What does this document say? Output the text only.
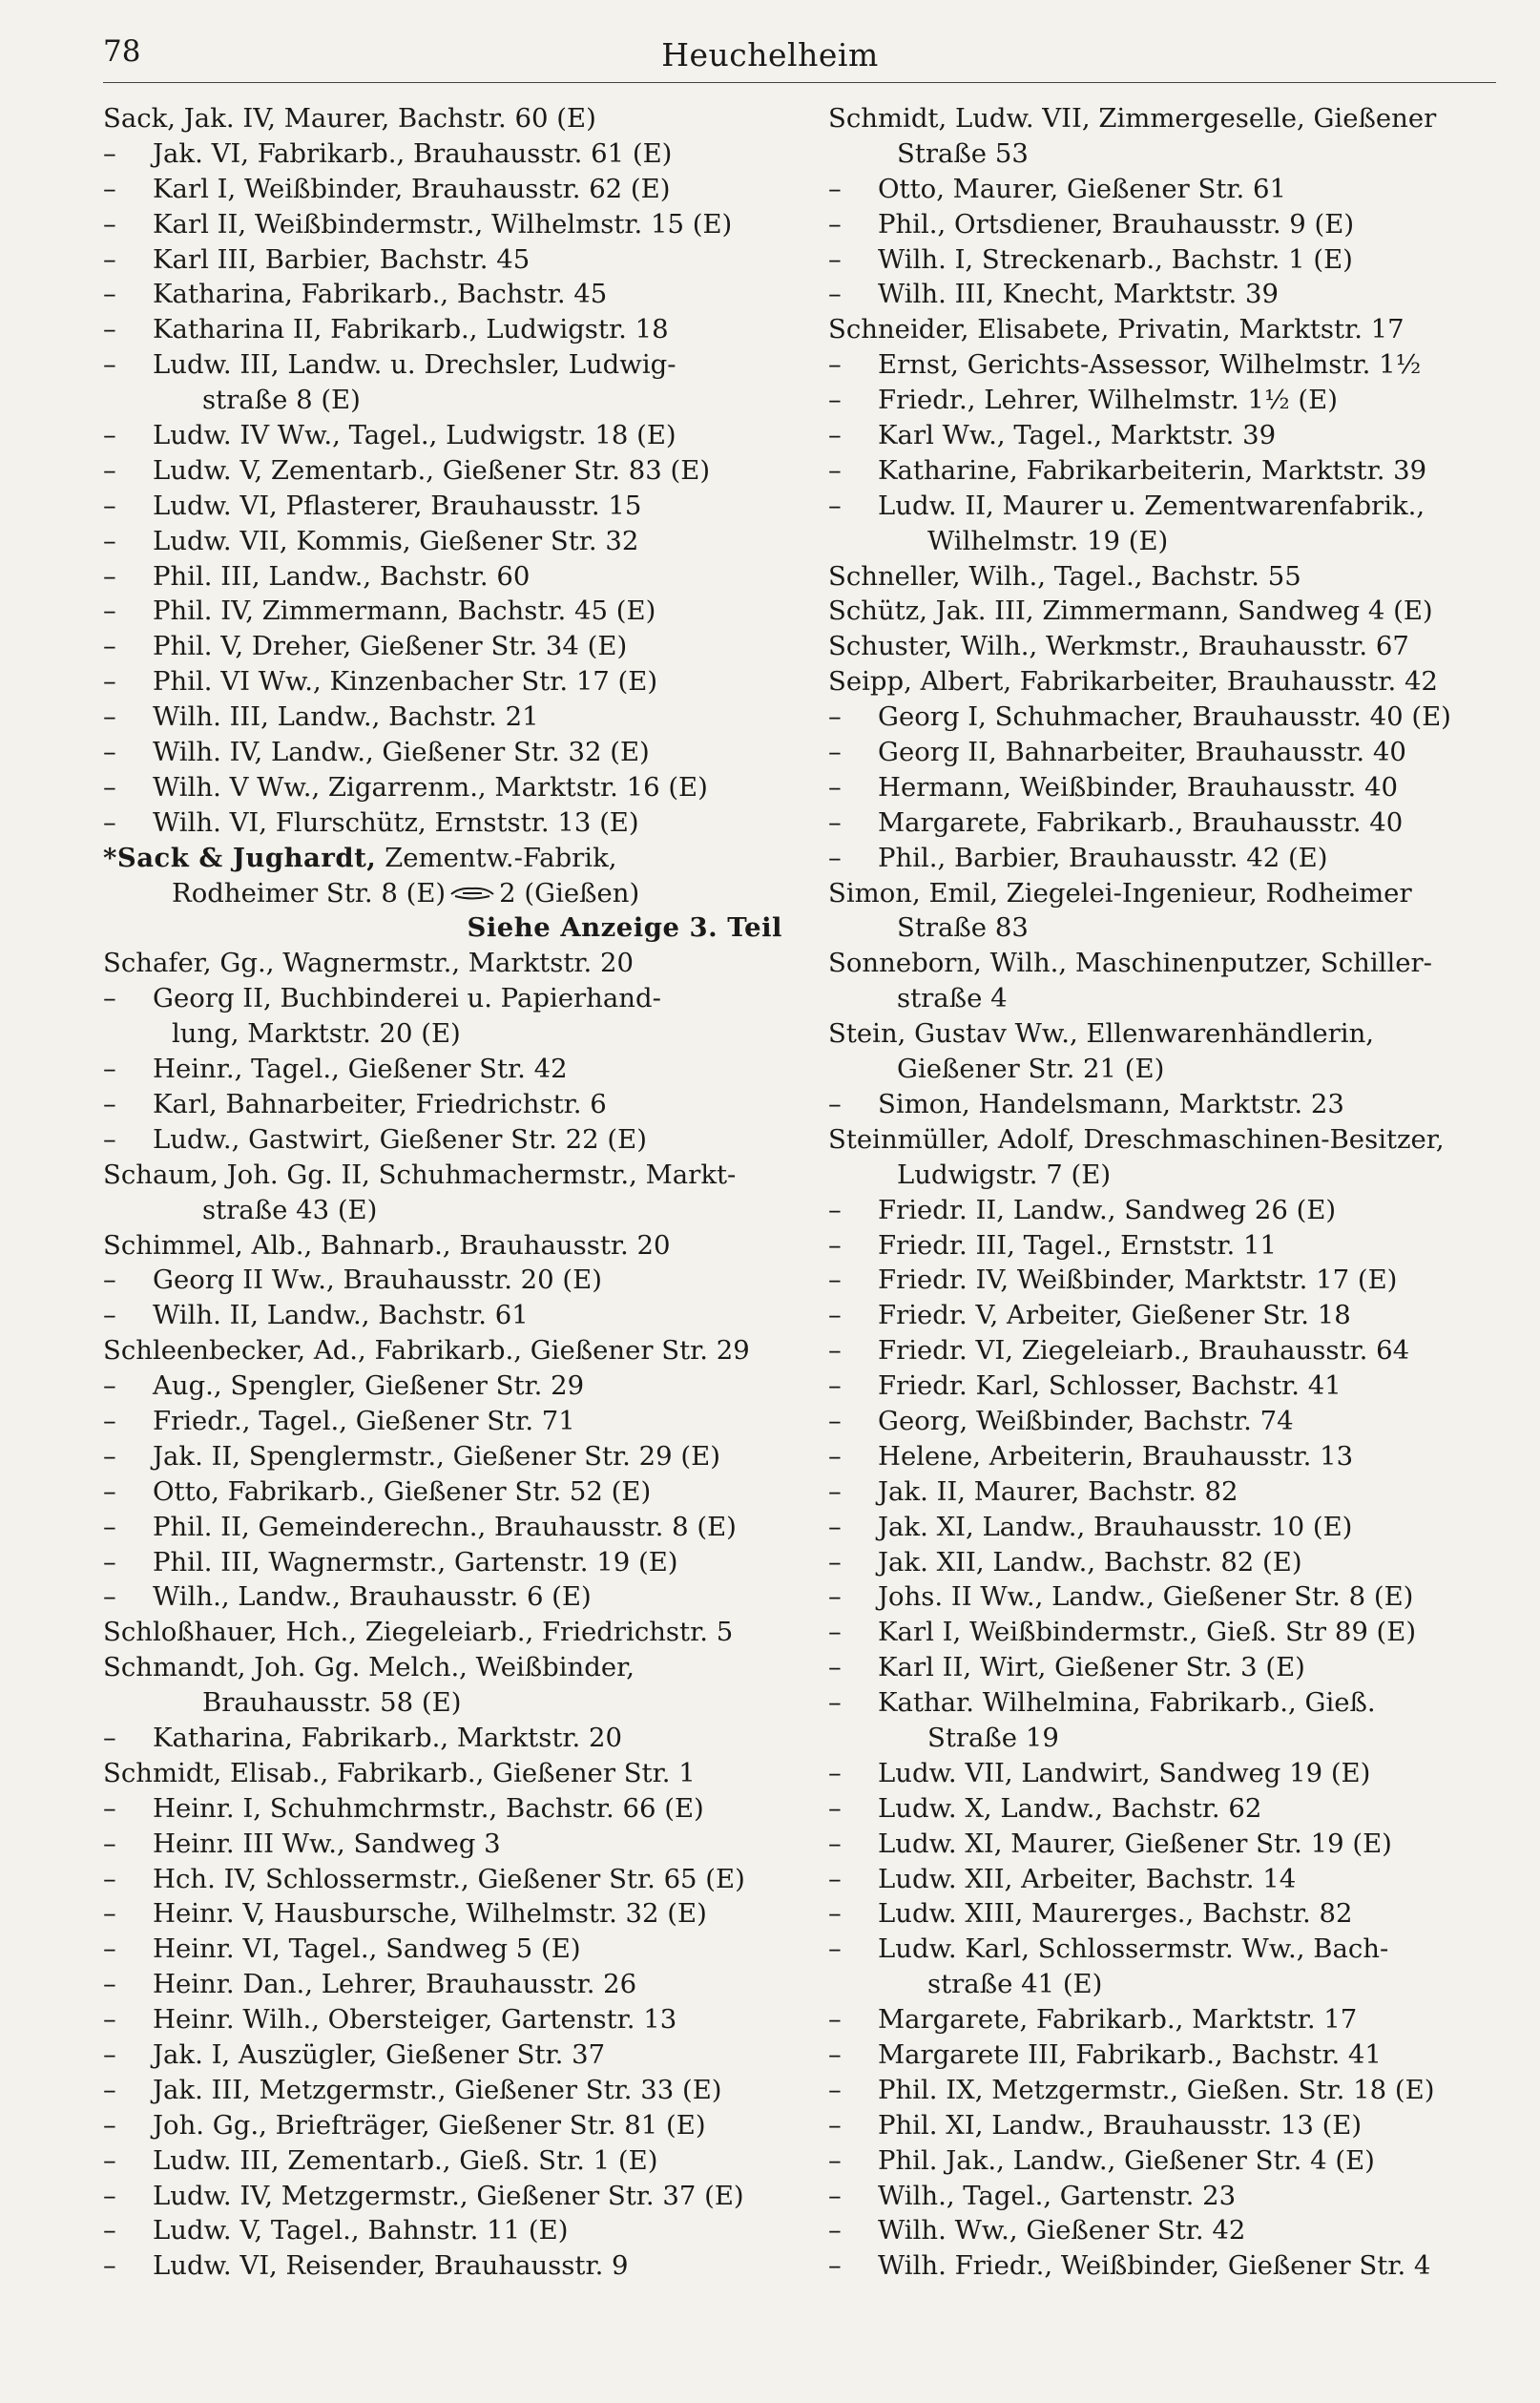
78	Heuchelheim
Sack, Jak. IV, Maurer, Bachstr. 60 (E)
– Jak. VI, Fabrikarb., Brauhausstr. 61 (E)
– Karl I, Weißbinder, Brauhausstr. 62 (E)
– Karl II, Weißbindermstr., Wilhelmstr. 15 (E)
– Karl III, Barbier, Bachstr. 45
– Katharina, Fabrikarb., Bachstr. 45
– Katharina II, Fabrikarb., Ludwigstr. 18
– Ludw. III, Landw. u. Drechsler, Ludwig-
straße 8 (E)
– Ludw. IV Ww., Tagel., Ludwigstr. 18 (E)
– Ludw. V, Zementarb., Gießener Str. 83 (E)
– Ludw. VI, Pflasterer, Brauhausstr. 15
– Ludw. VII, Kommis, Gießener Str. 32
– Phil. III, Landw., Bachstr. 60
– Phil. IV, Zimmermann, Bachstr. 45 (E)
– Phil. V, Dreher, Gießener Str. 34 (E)
– Phil. VI Ww., Kinzenbacher Str. 17 (E)
– Wilh. III, Landw., Bachstr. 21
– Wilh. IV, Landw., Gießener Str. 32 (E)
– Wilh. V Ww., Zigarrenm., Marktstr. 16 (E)
– Wilh. VI, Flurschütz, Ernststr. 13 (E)
*Sack & Jughardt, Zementw.-Fabrik,
Rodheimer Str. 8 (E) 2 (Gießen)
Siehe Anzeige 3. Teil
Schafer, Gg., Wagnermstr., Marktstr. 20
– Georg II, Buchbinderei u. Papierhand-
lung, Marktstr. 20 (E)
– Heinr., Tagel., Gießener Str. 42
– Karl, Bahnarbeiter, Friedrichstr. 6
– Ludw., Gastwirt, Gießener Str. 22 (E)
Schaum, Joh. Gg. II, Schuhmachermstr., Markt-
straße 43 (E)
Schimmel, Alb., Bahnarb., Brauhausstr. 20
– Georg II Ww., Brauhausstr. 20 (E)
– Wilh. II, Landw., Bachstr. 61
Schleenbecker, Ad., Fabrikarb., Gießener Str. 29
– Aug., Spengler, Gießener Str. 29
– Friedr., Tagel., Gießener Str. 71
– Jak. II, Spenglermstr., Gießener Str. 29 (E)
– Otto, Fabrikarb., Gießener Str. 52 (E)
– Phil. II, Gemeinderechn., Brauhausstr. 8 (E)
– Phil. III, Wagnermstr., Gartenstr. 19 (E)
– Wilh., Landw., Brauhausstr. 6 (E)
Schloßhauer, Hch., Ziegeleiarb., Friedrichstr. 5
Schmandt, Joh. Gg. Melch., Weißbinder,
Brauhausstr. 58 (E)
– Katharina, Fabrikarb., Marktstr. 20
Schmidt, Elisab., Fabrikarb., Gießener Str. 1
– Heinr. I, Schuhmchrmstr., Bachstr. 66 (E)
– Heinr. III Ww., Sandweg 3
– Hch. IV, Schlossermstr., Gießener Str. 65 (E)
– Heinr. V, Hausbursche, Wilhelmstr. 32 (E)
– Heinr. VI, Tagel., Sandweg 5 (E)
– Heinr. Dan., Lehrer, Brauhausstr. 26
– Heinr. Wilh., Obersteiger, Gartenstr. 13
– Jak. I, Auszügler, Gießener Str. 37
– Jak. III, Metzgermstr., Gießener Str. 33 (E)
– Joh. Gg., Briefträger, Gießener Str. 81 (E)
– Ludw. III, Zementarb., Gieß. Str. 1 (E)
– Ludw. IV, Metzgermstr., Gießener Str. 37 (E)
– Ludw. V, Tagel., Bahnstr. 11 (E)
– Ludw. VI, Reisender, Brauhausstr. 9
Schmidt, Ludw. VII, Zimmergeselle, Gießener
Straße 53
– Otto, Maurer, Gießener Str. 61
– Phil., Ortsdiener, Brauhausstr. 9 (E)
– Wilh. I, Streckenarb., Bachstr. 1 (E)
– Wilh. III, Knecht, Marktstr. 39
Schneider, Elisabete, Privatin, Marktstr. 17
– Ernst, Gerichts-Assessor, Wilhelmstr. 1½
– Friedr., Lehrer, Wilhelmstr. 1½ (E)
– Karl Ww., Tagel., Marktstr. 39
– Katharine, Fabrikarbeiterin, Marktstr. 39
– Ludw. II, Maurer u. Zementwarenfabrik.,
Wilhelmstr. 19 (E)
Schneller, Wilh., Tagel., Bachstr. 55
Schütz, Jak. III, Zimmermann, Sandweg 4 (E)
Schuster, Wilh., Werkmstr., Brauhausstr. 67
Seipp, Albert, Fabrikarbeiter, Brauhausstr. 42
– Georg I, Schuhmacher, Brauhausstr. 40 (E)
– Georg II, Bahnarbeiter, Brauhausstr. 40
– Hermann, Weißbinder, Brauhausstr. 40
– Margarete, Fabrikarb., Brauhausstr. 40
– Phil., Barbier, Brauhausstr. 42 (E)
Simon, Emil, Ziegelei-Ingenieur, Rodheimer
Straße 83
Sonneborn, Wilh., Maschinenputzer, Schiller-
straße 4
Stein, Gustav Ww., Ellenwarenhändlerin,
Gießener Str. 21 (E)
– Simon, Handelsmann, Marktstr. 23
Steinmüller, Adolf, Dreschmaschinen-Besitzer,
Ludwigstr. 7 (E)
– Friedr. II, Landw., Sandweg 26 (E)
– Friedr. III, Tagel., Ernststr. 11
– Friedr. IV, Weißbinder, Marktstr. 17 (E)
– Friedr. V, Arbeiter, Gießener Str. 18
– Friedr. VI, Ziegeleiarb., Brauhausstr. 64
– Friedr. Karl, Schlosser, Bachstr. 41
– Georg, Weißbinder, Bachstr. 74
– Helene, Arbeiterin, Brauhausstr. 13
– Jak. II, Maurer, Bachstr. 82
– Jak. XI, Landw., Brauhausstr. 10 (E)
– Jak. XII, Landw., Bachstr. 82 (E)
– Johs. II Ww., Landw., Gießener Str. 8 (E)
– Karl I, Weißbindermstr., Gieß. Str 89 (E)
– Karl II, Wirt, Gießener Str. 3 (E)
– Kathar. Wilhelmina, Fabrikarb., Gieß.
Straße 19
– Ludw. VII, Landwirt, Sandweg 19 (E)
– Ludw. X, Landw., Bachstr. 62
– Ludw. XI, Maurer, Gießener Str. 19 (E)
– Ludw. XII, Arbeiter, Bachstr. 14
– Ludw. XIII, Maurerges., Bachstr. 82
– Ludw. Karl, Schlossermstr. Ww., Bach-
straße 41 (E)
– Margarete, Fabrikarb., Marktstr. 17
– Margarete III, Fabrikarb., Bachstr. 41
– Phil. IX, Metzgermstr., Gießen. Str. 18 (E)
– Phil. XI, Landw., Brauhausstr. 13 (E)
– Phil. Jak., Landw., Gießener Str. 4 (E)
– Wilh., Tagel., Gartenstr. 23
– Wilh. Ww., Gießener Str. 42
– Wilh. Friedr., Weißbinder, Gießener Str. 4
